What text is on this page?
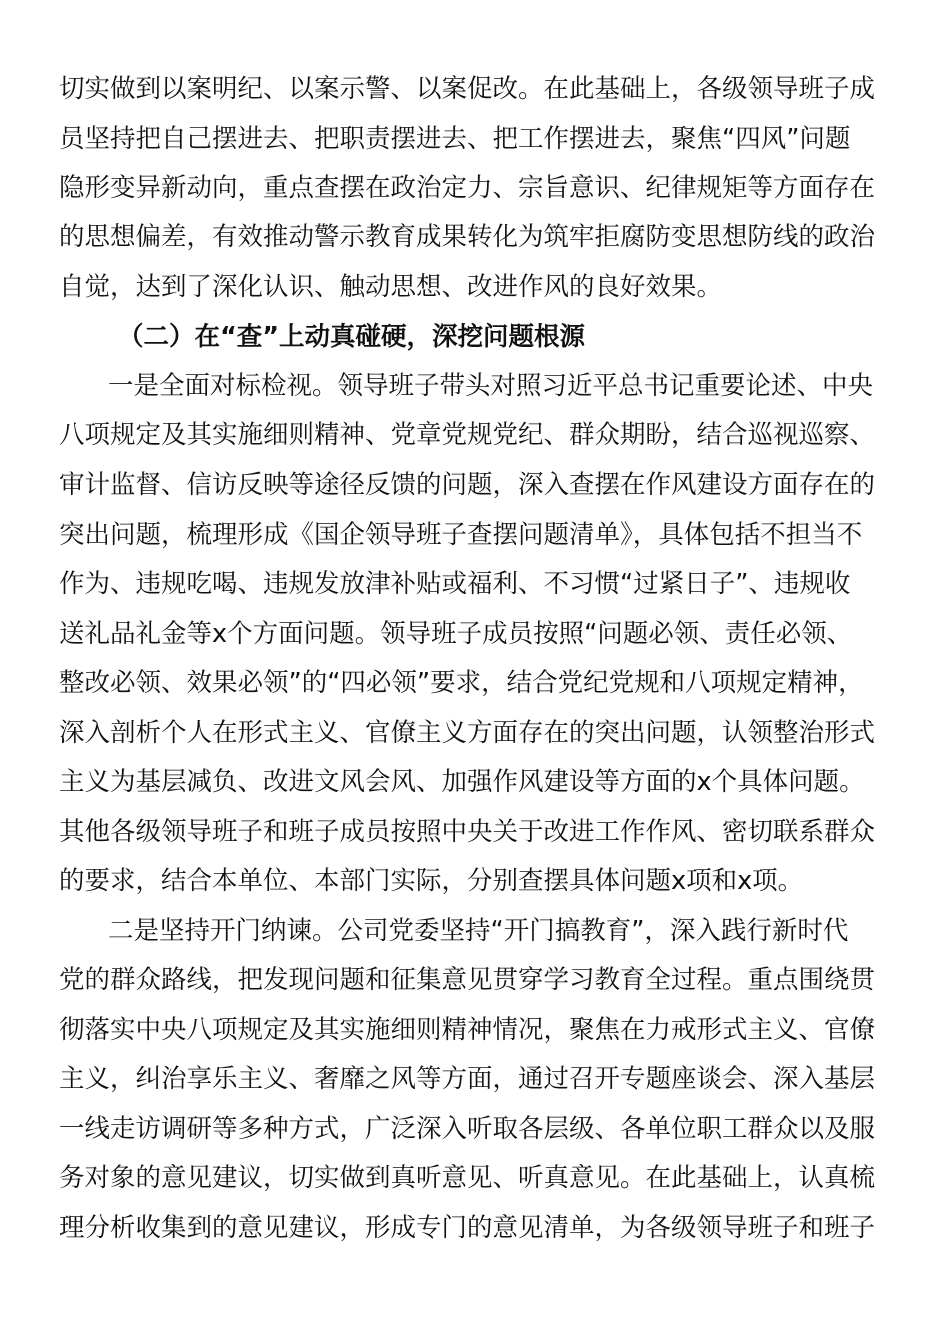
切实做到以案明纪、以案示警、以案促改。在此基础上，各级领导班子成
员坚持把自己摆进去、把职责摆进去、把工作摆进去，聚焦“四风”问题
隐形变异新动向，重点查摆在政治定力、宗旨意识、纪律规矩等方面存在
的思想偏差，有效推动警示教育成果转化为筑牢拒腐防变思想防线的政治
自觉，达到了深化认识、触动思想、改进作风的良好效果。
（二）在“查”上动真碰硬，深挖问题根源
一是全面对标检视。领导班子带头对照习近平总书记重要论述、中央
八项规定及其实施细则精神、党章党规党纪、群众期盼，结合巡视巡察、
审计监督、信访反映等途径反馈的问题，深入查摆在作风建设方面存在的
突出问题，梳理形成《国企领导班子查摆问题清单》，具体包括不担当不
作为、违规吃喝、违规发放津补贴或福利、不习惯“过紧日子”、违规收
送礼品礼金等x个方面问题。领导班子成员按照“问题必领、责任必领、
整改必领、效果必领”的“四必领”要求，结合党纪党规和八项规定精神，
深入剖析个人在形式主义、官僚主义方面存在的突出问题，认领整治形式
主义为基层减负、改进文风会风、加强作风建设等方面的x个具体问题。
其他各级领导班子和班子成员按照中央关于改进工作作风、密切联系群众
的要求，结合本单位、本部门实际，分别查摆具体问题x项和x项。
二是坚持开门纳谏。公司党委坚持“开门搞教育”，深入践行新时代
党的群众路线，把发现问题和征集意见贯穿学习教育全过程。重点围绕贯
彻落实中央八项规定及其实施细则精神情况，聚焦在力戒形式主义、官僚
主义，纠治享乐主义、奢靡之风等方面，通过召开专题座谈会、深入基层
一线走访调研等多种方式，广泛深入听取各层级、各单位职工群众以及服
务对象的意见建议，切实做到真听意见、听真意见。在此基础上，认真梳
理分析收集到的意见建议，形成专门的意见清单，为各级领导班子和班子
